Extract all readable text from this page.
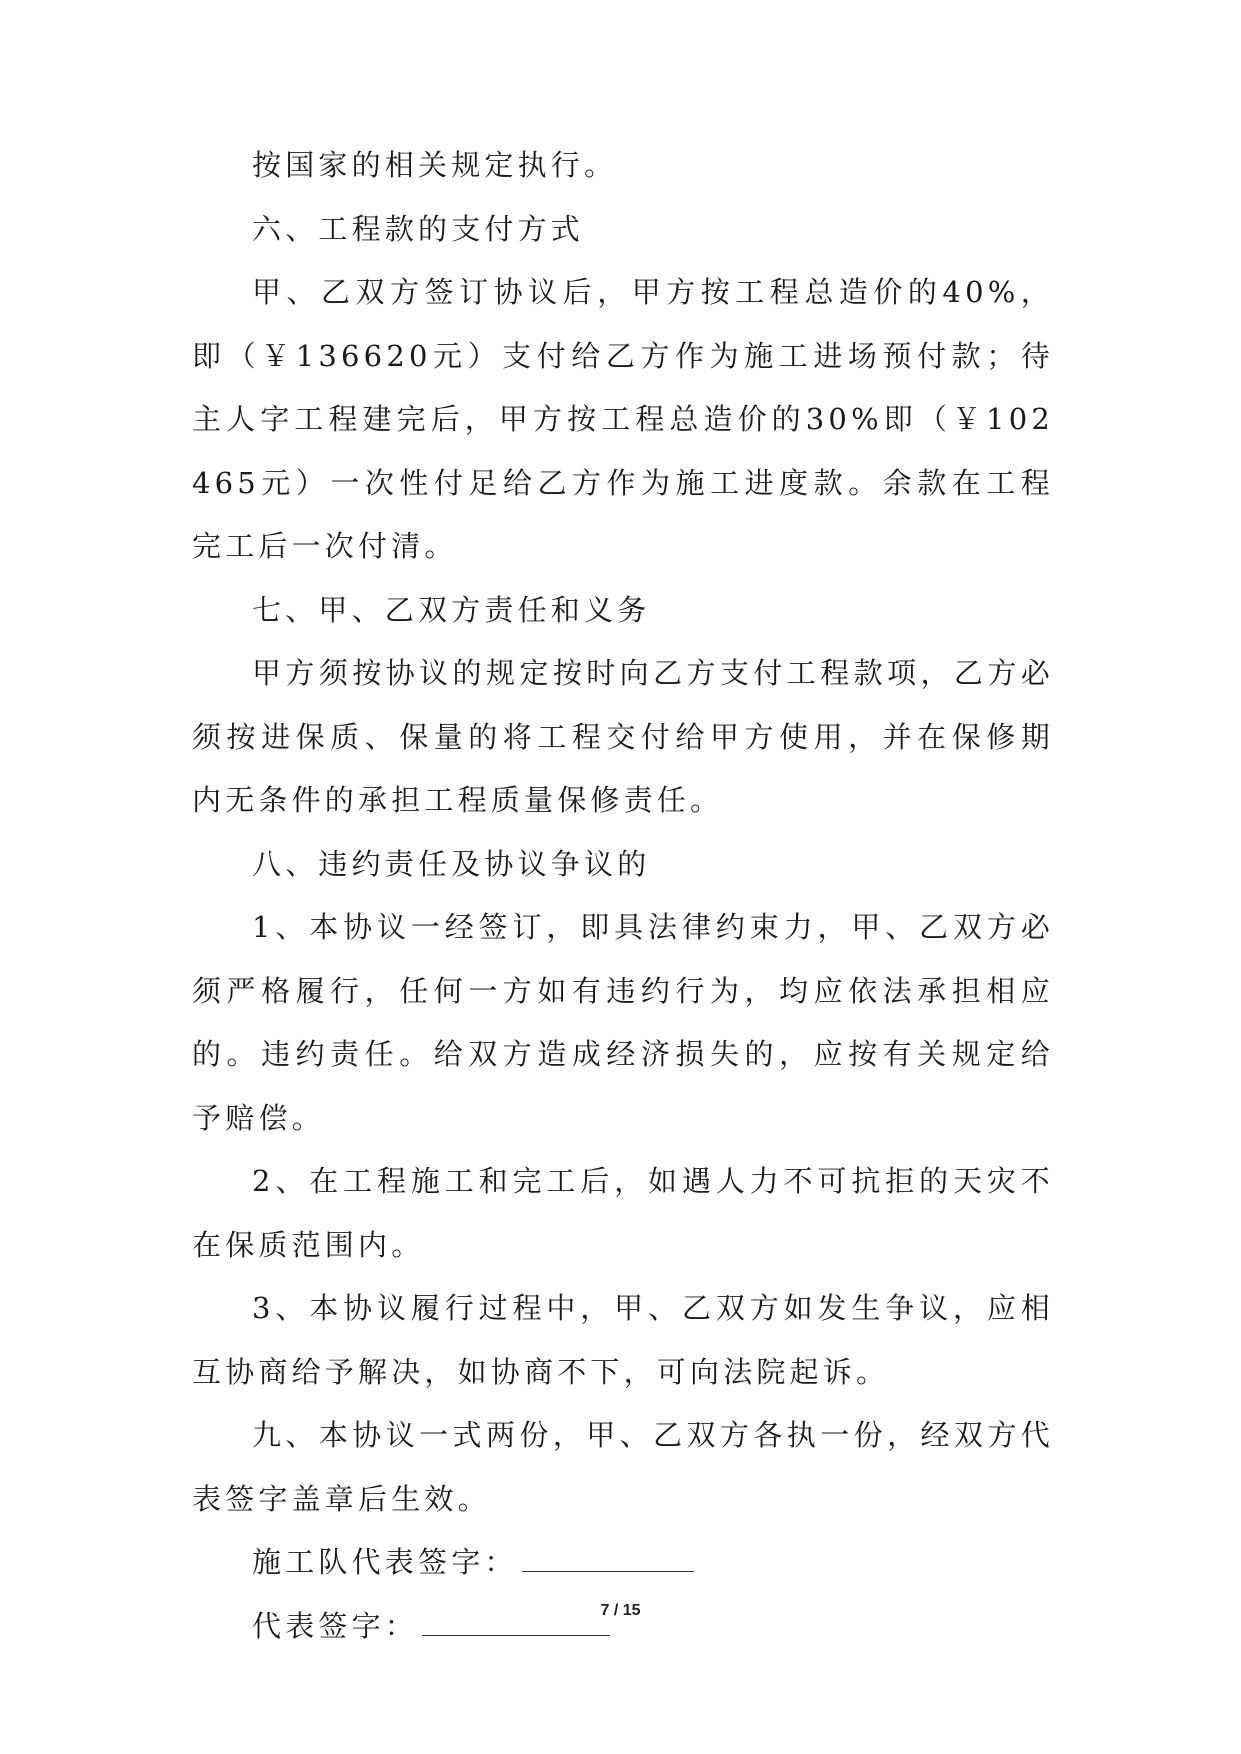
按国家的相关规定执行。

六、工程款的支付方式

甲、乙双方签订协议后，甲方按工程总造价的40%，即（￥136620元）支付给乙方作为施工进场预付款；待主人字工程建完后，甲方按工程总造价的30%即（￥102465元）一次性付足给乙方作为施工进度款。余款在工程完工后一次付清。

七、甲、乙双方责任和义务

甲方须按协议的规定按时向乙方支付工程款项，乙方必须按进保质、保量的将工程交付给甲方使用，并在保修期内无条件的承担工程质量保修责任。

八、违约责任及协议争议的

1、本协议一经签订，即具法律约束力，甲、乙双方必须严格履行，任何一方如有违约行为，均应依法承担相应的。违约责任。给双方造成经济损失的，应按有关规定给予赔偿。

2、在工程施工和完工后，如遇人力不可抗拒的天灾不在保质范围内。

3、本协议履行过程中，甲、乙双方如发生争议，应相互协商给予解决，如协商不下，可向法院起诉。

九、本协议一式两份，甲、乙双方各执一份，经双方代表签字盖章后生效。

施工队代表签字：

代表签字：	7 / 15
